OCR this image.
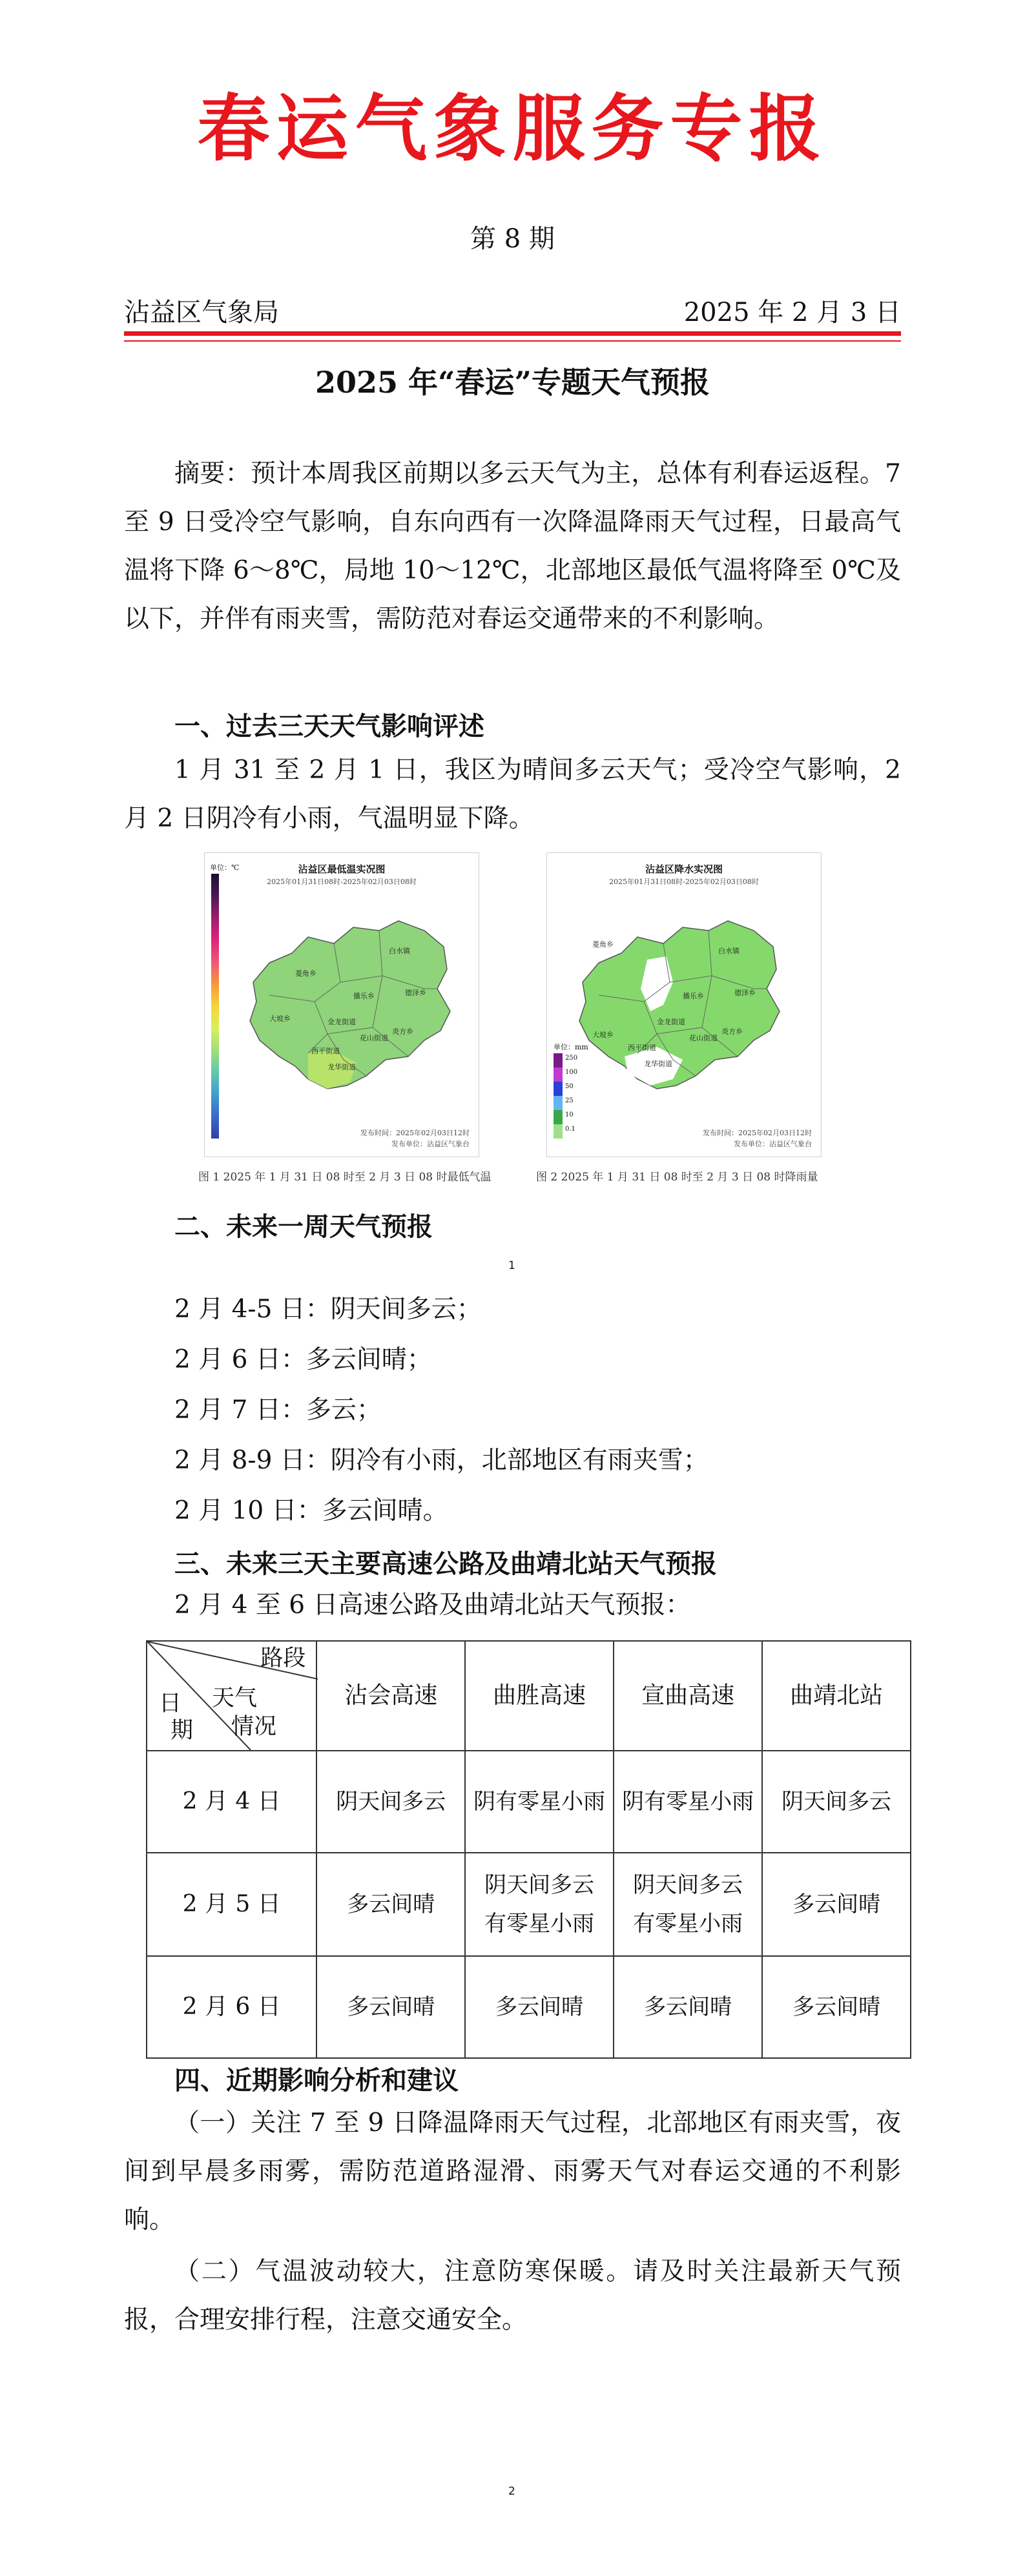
春运气象服务专报
第 8 期
沾益区气象局	2025 年 2 月 3 日
2025 年“春运”专题天气预报
摘要：预计本周我区前期以多云天气为主，总体有利春运返程。7 至 9 日受冷空气影响，自东向西有一次降温降雨天气过程，日最高气温将下降 6～8℃，局地 10～12℃，北部地区最低气温将降至 0℃及以下，并伴有雨夹雪，需防范对春运交通带来的不利影响。
一、过去三天天气影响评述
1 月 31 至 2 月 1 日，我区为晴间多云天气；受冷空气影响，2 月 2 日阴冷有小雨，气温明显下降。
沾益区最低温实况图
2025年01月31日08时-2025年02月03日08时
单位：℃
菱角乡
白水镇
德泽乡
大坡乡
播乐乡
金龙街道
西平街道
花山街道
龙华街道
炎方乡
发布时间：2025年02月03日12时
发布单位：沾益区气象台
图 1 2025 年 1 月 31 日 08 时至 2 月 3 日 08 时最低气温
沾益区降水实况图
2025年01月31日08时-2025年02月03日08时
菱角乡
白水镇
德泽乡
大坡乡
播乐乡
金龙街道
西平街道
花山街道
龙华街道
炎方乡
单位：mm
250
100
50
25
10
0.1	发布时间：2025年02月03日12时
发布单位：沾益区气象台
图 2 2025 年 1 月 31 日 08 时至 2 月 3 日 08 时降雨量
二、未来一周天气预报
1
2 月 4-5 日：阴天间多云；
2 月 6 日：多云间晴；
2 月 7 日：多云；
2 月 8-9 日：阴冷有小雨，北部地区有雨夹雪；
2 月 10 日：多云间晴。
三、未来三天主要高速公路及曲靖北站天气预报
2 月 4 至 6 日高速公路及曲靖北站天气预报：
路段
天气
情况
日
期	沾会高速	曲胜高速	宣曲高速	曲靖北站
2 月 4 日	阴天间多云	阴有零星小雨	阴有零星小雨	阴天间多云
2 月 5 日	多云间晴	阴天间多云有零星小雨	阴天间多云有零星小雨	多云间晴
2 月 6 日	多云间晴	多云间晴	多云间晴	多云间晴
四、近期影响分析和建议
（一）关注 7 至 9 日降温降雨天气过程，北部地区有雨夹雪，夜间到早晨多雨雾，需防范道路湿滑、雨雾天气对春运交通的不利影响。
（二）气温波动较大，注意防寒保暖。请及时关注最新天气预报，合理安排行程，注意交通安全。
2
